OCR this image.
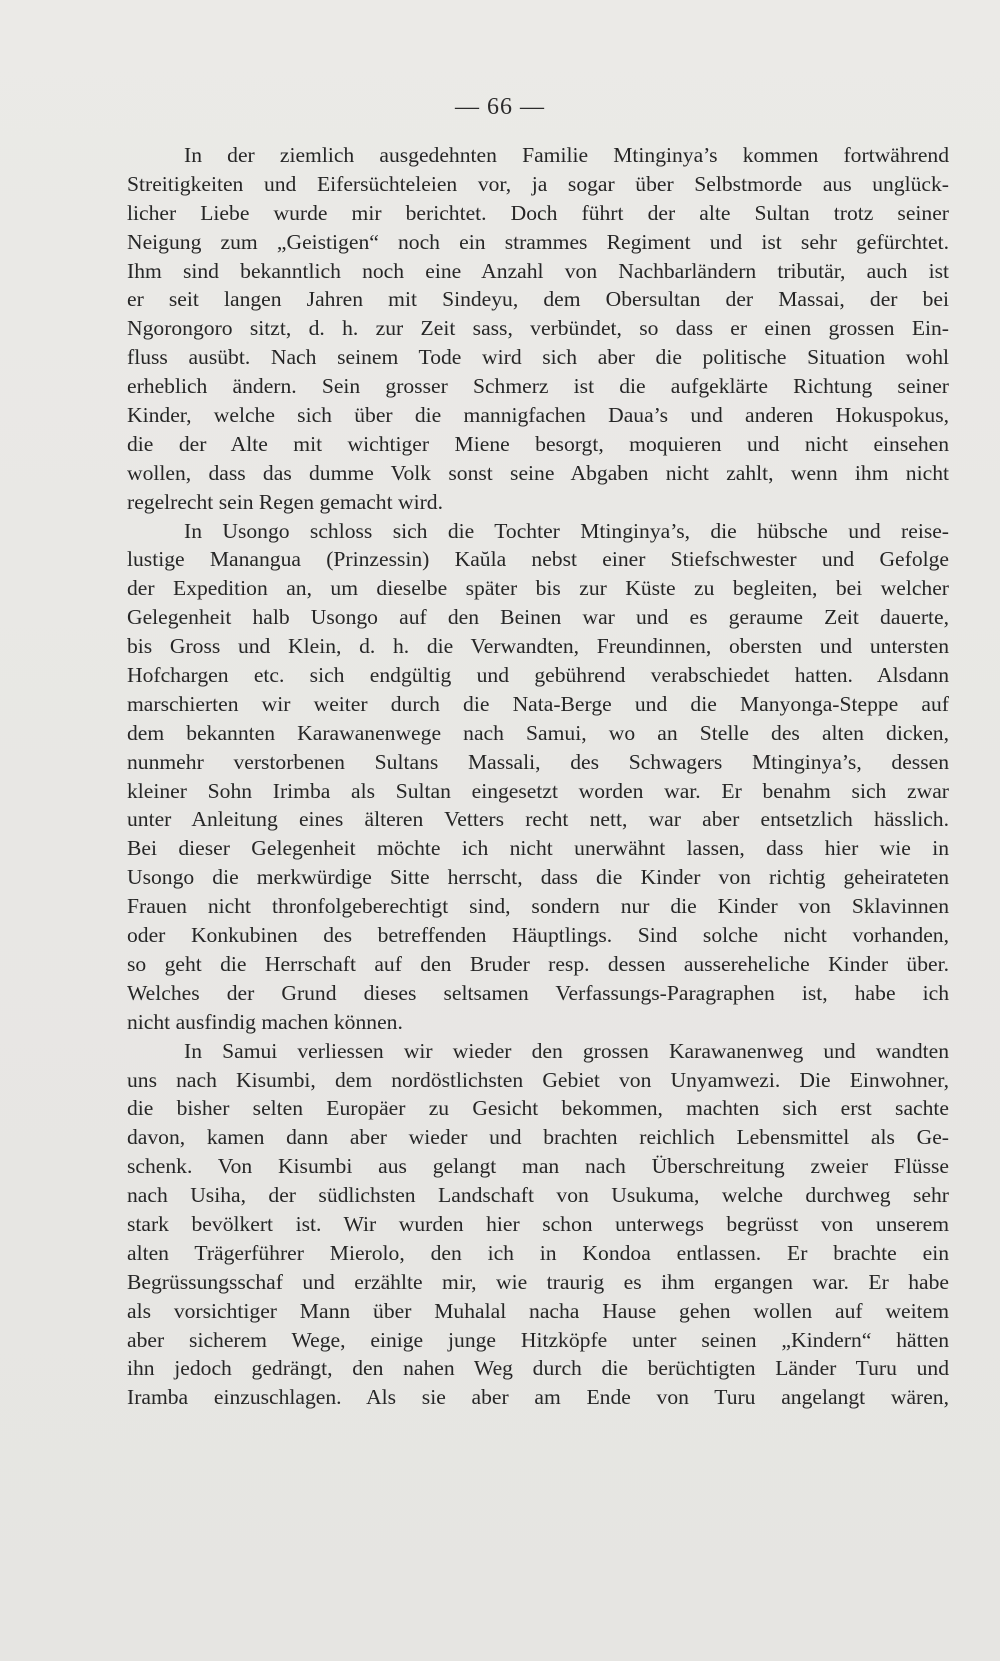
— 66 —
In der ziemlich ausgedehnten Familie Mtinginya’s kommen fortwährend
Streitigkeiten und Eifersüchteleien vor, ja sogar über Selbstmorde aus unglück-
licher Liebe wurde mir berichtet. Doch führt der alte Sultan trotz seiner
Neigung zum „Geistigen“ noch ein strammes Regiment und ist sehr gefürchtet.
Ihm sind bekanntlich noch eine Anzahl von Nachbarländern tributär, auch ist
er seit langen Jahren mit Sindeyu, dem Obersultan der Massai, der bei
Ngorongoro sitzt, d. h. zur Zeit sass, verbündet, so dass er einen grossen Ein-
fluss ausübt. Nach seinem Tode wird sich aber die politische Situation wohl
erheblich ändern. Sein grosser Schmerz ist die aufgeklärte Richtung seiner
Kinder, welche sich über die mannigfachen Daua’s und anderen Hokuspokus,
die der Alte mit wichtiger Miene besorgt, moquieren und nicht einsehen
wollen, dass das dumme Volk sonst seine Abgaben nicht zahlt, wenn ihm nicht
regelrecht sein Regen gemacht wird.
In Usongo schloss sich die Tochter Mtinginya’s, die hübsche und reise-
lustige Manangua (Prinzessin) Kaŭla nebst einer Stiefschwester und Gefolge
der Expedition an, um dieselbe später bis zur Küste zu begleiten, bei welcher
Gelegenheit halb Usongo auf den Beinen war und es geraume Zeit dauerte,
bis Gross und Klein, d. h. die Verwandten, Freundinnen, obersten und untersten
Hofchargen etc. sich endgültig und gebührend verabschiedet hatten. Alsdann
marschierten wir weiter durch die Nata-Berge und die Manyonga-Steppe auf
dem bekannten Karawanenwege nach Samui, wo an Stelle des alten dicken,
nunmehr verstorbenen Sultans Massali, des Schwagers Mtinginya’s, dessen
kleiner Sohn Irimba als Sultan eingesetzt worden war. Er benahm sich zwar
unter Anleitung eines älteren Vetters recht nett, war aber entsetzlich hässlich.
Bei dieser Gelegenheit möchte ich nicht unerwähnt lassen, dass hier wie in
Usongo die merkwürdige Sitte herrscht, dass die Kinder von richtig geheirateten
Frauen nicht thronfolgeberechtigt sind, sondern nur die Kinder von Sklavinnen
oder Konkubinen des betreffenden Häuptlings. Sind solche nicht vorhanden,
so geht die Herrschaft auf den Bruder resp. dessen aussereheliche Kinder über.
Welches der Grund dieses seltsamen Verfassungs-Paragraphen ist, habe ich
nicht ausfindig machen können.
In Samui verliessen wir wieder den grossen Karawanenweg und wandten
uns nach Kisumbi, dem nordöstlichsten Gebiet von Unyamwezi. Die Einwohner,
die bisher selten Europäer zu Gesicht bekommen, machten sich erst sachte
davon, kamen dann aber wieder und brachten reichlich Lebensmittel als Ge-
schenk. Von Kisumbi aus gelangt man nach Überschreitung zweier Flüsse
nach Usiha, der südlichsten Landschaft von Usukuma, welche durchweg sehr
stark bevölkert ist. Wir wurden hier schon unterwegs begrüsst von unserem
alten Trägerführer Mierolo, den ich in Kondoa entlassen. Er brachte ein
Begrüssungsschaf und erzählte mir, wie traurig es ihm ergangen war. Er habe
als vorsichtiger Mann über Muhalal nacha Hause gehen wollen auf weitem
aber sicherem Wege, einige junge Hitzköpfe unter seinen „Kindern“ hätten
ihn jedoch gedrängt, den nahen Weg durch die berüchtigten Länder Turu und
Iramba einzuschlagen. Als sie aber am Ende von Turu angelangt wären,
